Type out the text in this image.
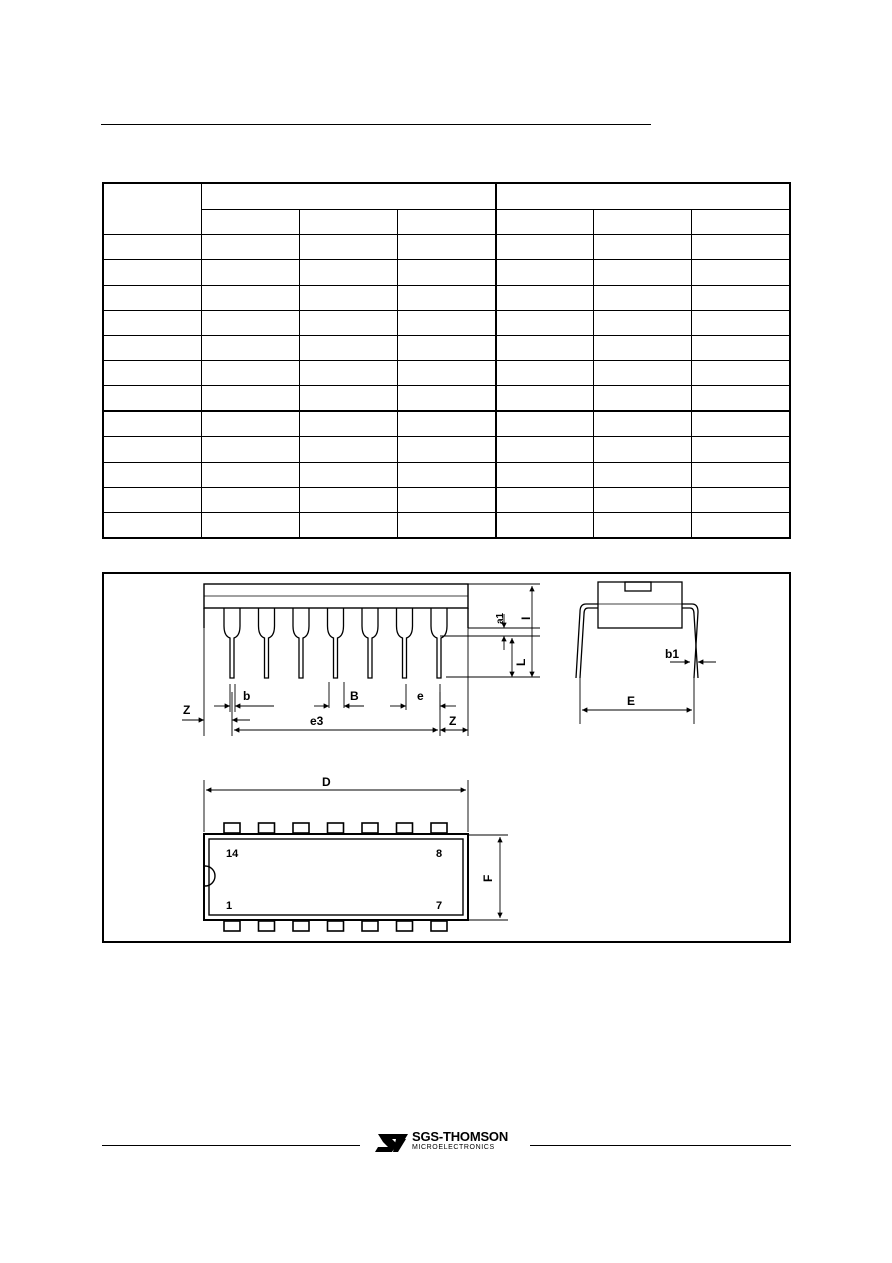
b	B	e
e3
Z
Z
I
a1
L
b1
E
D
F
14	8
1	7
SGS-THOMSON
MICROELECTRONICS
